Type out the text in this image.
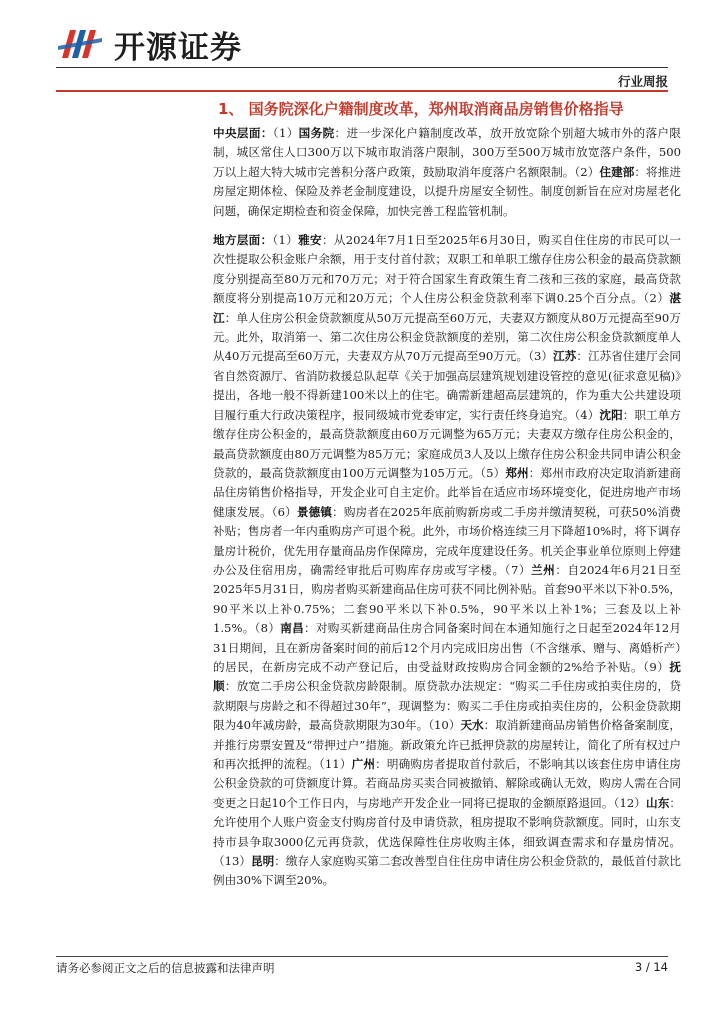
开源证券
行业周报
1、 国务院深化户籍制度改革，郑州取消商品房销售价格指导

中央层面：（1）国务院：进一步深化户籍制度改革，放开放宽除个别超大城市外的落户限制，城区常住人口300万以下城市取消落户限制，300万至500万城市放宽落户条件，500万以上超大特大城市完善积分落户政策，鼓励取消年度落户名额限制。（2）住建部：将推进房屋定期体检、保险及养老金制度建设，以提升房屋安全韧性。制度创新旨在应对房屋老化问题，确保定期检查和资金保障，加快完善工程监管机制。

地方层面：（1）雅安：从2024年7月1日至2025年6月30日，购买自住住房的市民可以一次性提取公积金账户余额，用于支付首付款；双职工和单职工缴存住房公积金的最高贷款额度分别提高至80万元和70万元；对于符合国家生育政策生育二孩和三孩的家庭，最高贷款额度将分别提高10万元和20万元；个人住房公积金贷款利率下调0.25个百分点。（2）湛江：单人住房公积金贷款额度从50万元提高至60万元，夫妻双方额度从80万元提高至90万元。此外，取消第一、第二次住房公积金贷款额度的差别，第二次住房公积金贷款额度单人从40万元提高至60万元，夫妻双方从70万元提高至90万元。（3）江苏：江苏省住建厅会同省自然资源厅、省消防救援总队起草《关于加强高层建筑规划建设管控的意见(征求意见稿)》提出，各地一般不得新建100米以上的住宅。确需新建超高层建筑的，作为重大公共建设项目履行重大行政决策程序，报同级城市党委审定，实行责任终身追究。（4）沈阳：职工单方缴存住房公积金的，最高贷款额度由60万元调整为65万元；夫妻双方缴存住房公积金的，最高贷款额度由80万元调整为85万元；家庭成员3人及以上缴存住房公积金共同申请公积金贷款的，最高贷款额度由100万元调整为105万元。（5）郑州：郑州市政府决定取消新建商品住房销售价格指导，开发企业可自主定价。此举旨在适应市场环境变化，促进房地产市场健康发展。（6）景德镇：购房者在2025年底前购新房或二手房并缴清契税，可获50%消费补贴；售房者一年内重购房产可退个税。此外，市场价格连续三月下降超10%时，将下调存量房计税价，优先用存量商品房作保障房，完成年度建设任务。机关企事业单位原则上停建办公及住宿用房，确需经审批后可购库存房或写字楼。（7）兰州：自2024年6月21日至2025年5月31日，购房者购买新建商品住房可获不同比例补贴。首套90平米以下补0.5%，90平米以上补0.75%；二套90平米以下补0.5%，90平米以上补1%；三套及以上补1.5%。（8）南昌：对购买新建商品住房合同备案时间在本通知施行之日起至2024年12月31日期间，且在新房备案时间的前后12个月内完成旧房出售（不含继承、赠与、离婚析产）的居民，在新房完成不动产登记后，由受益财政按购房合同金额的2%给予补贴。（9）抚顺：放宽二手房公积金贷款房龄限制。原贷款办法规定：“购买二手住房或拍卖住房的，贷款期限与房龄之和不得超过30年”，现调整为：购买二手住房或拍卖住房的，公积金贷款期限为40年减房龄，最高贷款期限为30年。（10）天水：取消新建商品房销售价格备案制度，并推行房票安置及“带押过户”措施。新政策允许已抵押贷款的房屋转让，简化了所有权过户和再次抵押的流程。（11）广州：明确购房者提取首付款后，不影响其以该套住房申请住房公积金贷款的可贷额度计算。若商品房买卖合同被撤销、解除或确认无效，购房人需在合同变更之日起10个工作日内，与房地产开发企业一同将已提取的金额原路退回。（12）山东：允许使用个人账户资金支付购房首付及申请贷款，租房提取不影响贷款额度。同时，山东支持市县争取3000亿元再贷款，优选保障性住房收购主体，细致调查需求和存量房情况。（13）昆明：缴存人家庭购买第二套改善型自住住房申请住房公积金贷款的，最低首付款比例由30%下调至20%。

请务必参阅正文之后的信息披露和法律声明	3 / 14
